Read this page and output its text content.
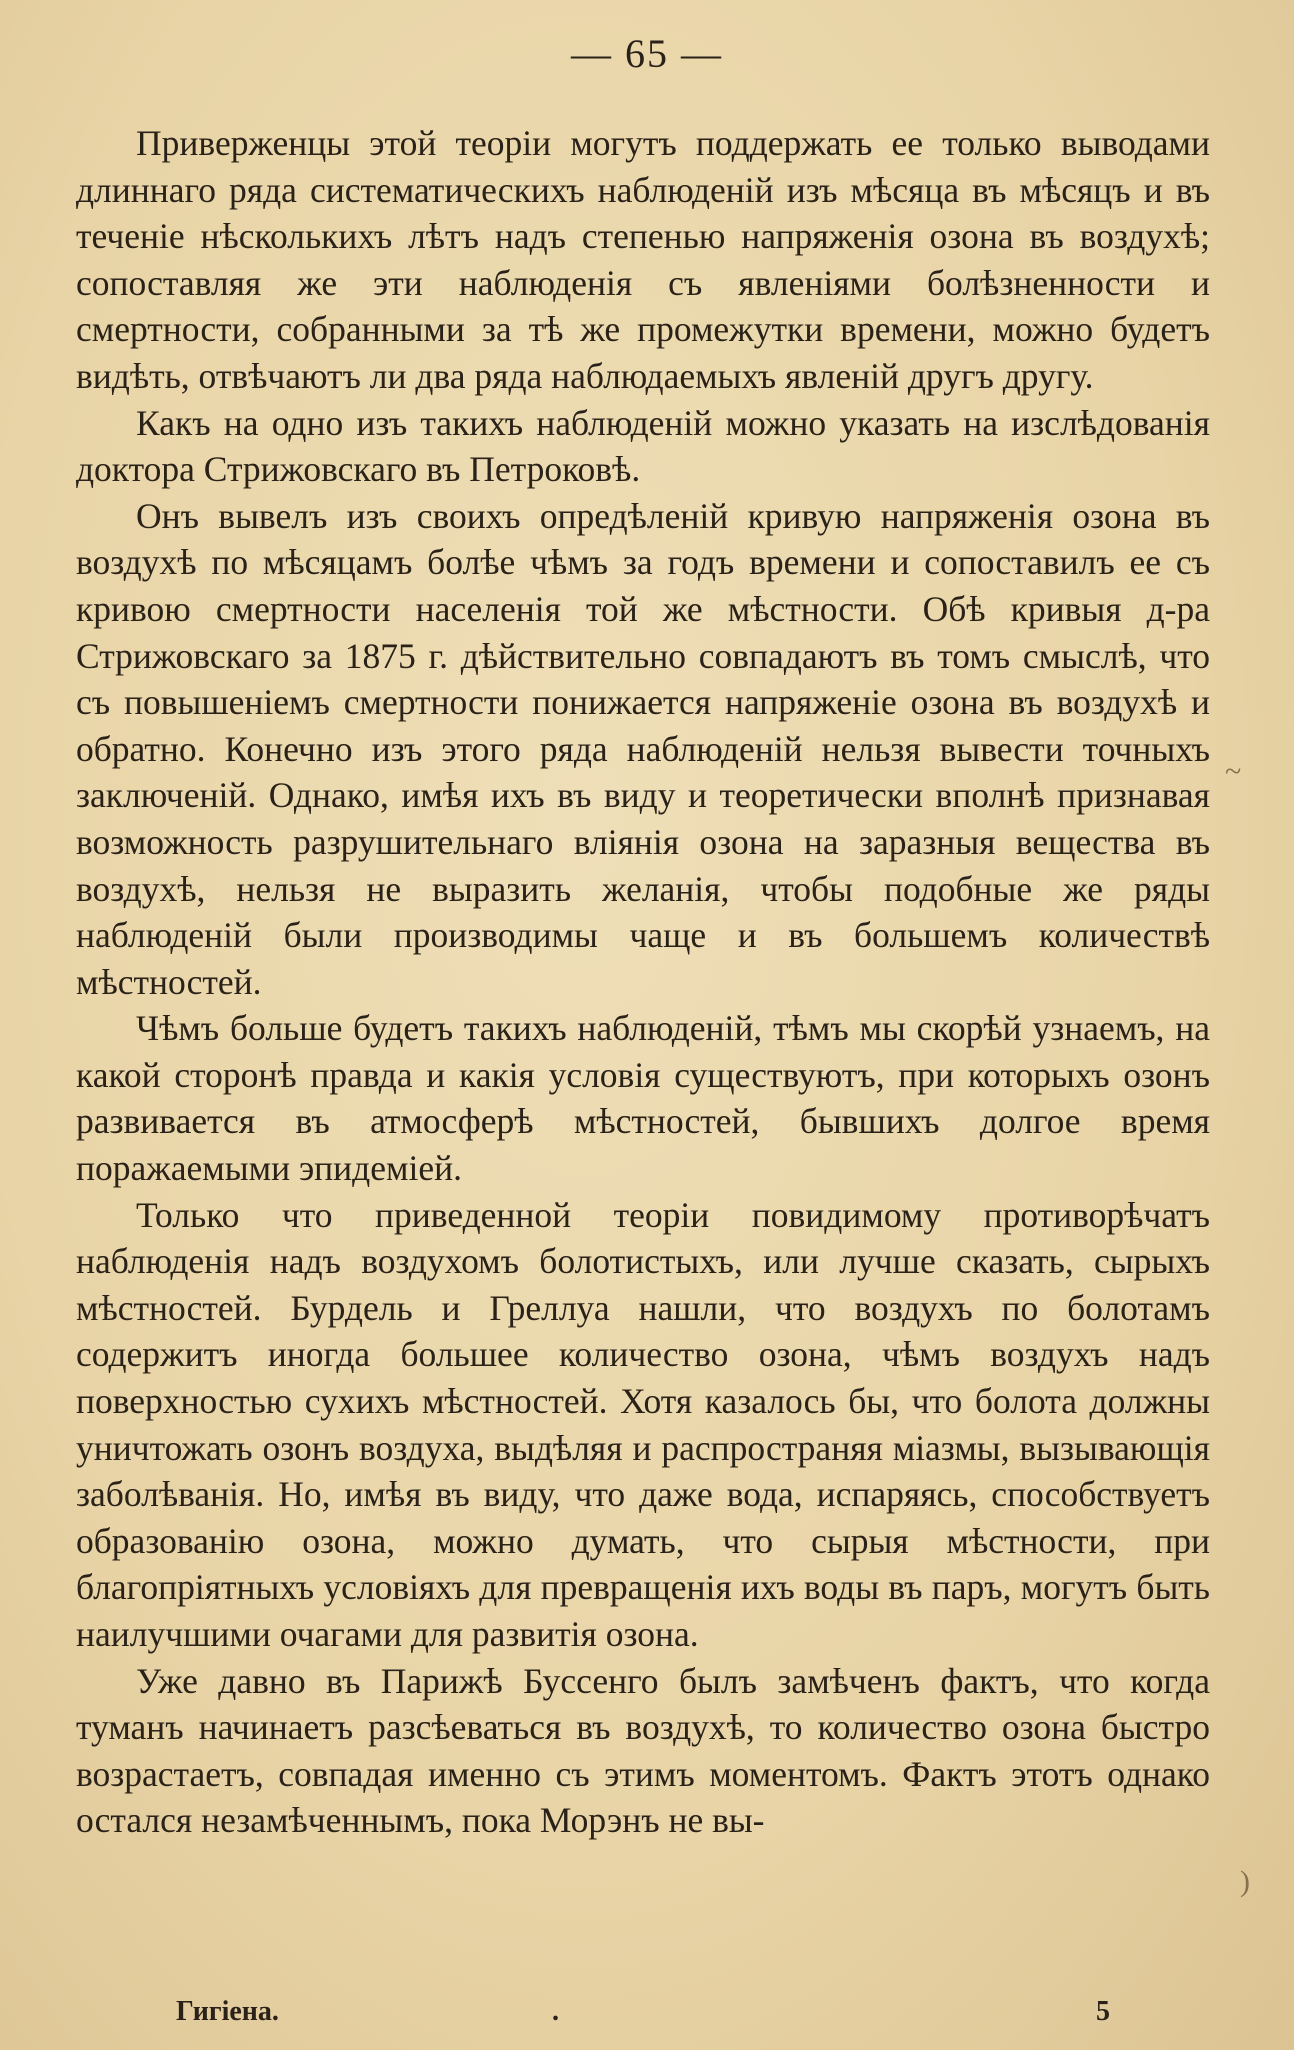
— 65 —

Приверженцы этой теоріи могутъ поддержать ее только выводами длиннаго ряда систематическихъ наблюденій изъ мѣсяца въ мѣсяцъ и въ теченіе нѣсколькихъ лѣтъ надъ степенью напряженія озона въ воздухѣ; сопоставляя же эти наблюденія съ явленіями болѣзненности и смертности, собранными за тѣ же промежутки времени, можно будетъ видѣть, отвѣчаютъ ли два ряда наблюдаемыхъ явленій другъ другу.

Какъ на одно изъ такихъ наблюденій можно указать на изслѣдованія доктора Стрижовскаго въ Петроковѣ.

Онъ вывелъ изъ своихъ опредѣленій кривую напряженія озона въ воздухѣ по мѣсяцамъ болѣе чѣмъ за годъ времени и сопоставилъ ее съ кривою смертности населенія той же мѣстности. Обѣ кривыя д-ра Стрижовскаго за 1875 г. дѣйствительно совпадаютъ въ томъ смыслѣ, что съ повышеніемъ смертности понижается напряженіе озона въ воздухѣ и обратно. Конечно изъ этого ряда наблюденій нельзя вывести точныхъ заключеній. Однако, имѣя ихъ въ виду и теоретически вполнѣ признавая возможность разрушительнаго вліянія озона на заразныя вещества въ воздухѣ, нельзя не выразить желанія, чтобы подобные же ряды наблюденій были производимы чаще и въ большемъ количествѣ мѣстностей.

Чѣмъ больше будетъ такихъ наблюденій, тѣмъ мы скорѣй узнаемъ, на какой сторонѣ правда и какія условія существуютъ, при которыхъ озонъ развивается въ атмосферѣ мѣстностей, бывшихъ долгое время поражаемыми эпидеміей.

Только что приведенной теоріи повидимому противорѣчатъ наблюденія надъ воздухомъ болотистыхъ, или лучше сказать, сырыхъ мѣстностей. Бурдель и Греллуа нашли, что воздухъ по болотамъ содержитъ иногда большее количество озона, чѣмъ воздухъ надъ поверхностью сухихъ мѣстностей. Хотя казалось бы, что болота должны уничтожать озонъ воздуха, выдѣляя и распространяя міазмы, вызывающія заболѣванія. Но, имѣя въ виду, что даже вода, испаряясь, способствуетъ образованію озона, можно думать, что сырыя мѣстности, при благопріятныхъ условіяхъ для превращенія ихъ воды въ паръ, могутъ быть наилучшими очагами для развитія озона.

Уже давно въ Парижѣ Буссенго былъ замѣченъ фактъ, что когда туманъ начинаетъ разсѣеваться въ воздухѣ, то количество озона быстро возрастаетъ, совпадая именно съ этимъ моментомъ. Фактъ этотъ однако остался незамѣченнымъ, пока Морэнъ не вы-

~
)
Гигіена.	.	5
